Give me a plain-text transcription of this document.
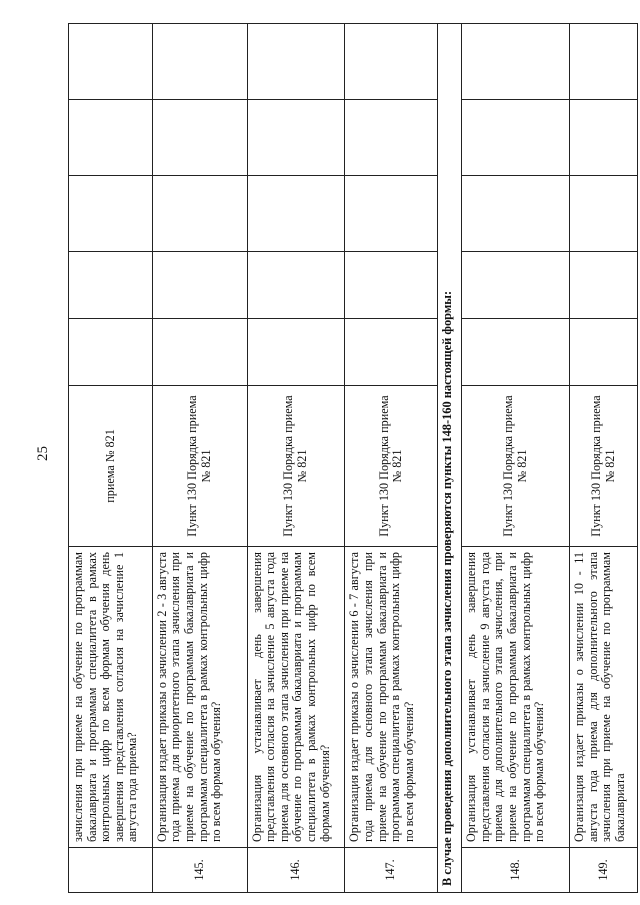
25
	зачисления при приеме на обучение по программам бакалавриата и программам специалитета в рамках контрольных цифр по всем формам обучения день завершения представления согласия на зачисление 1 августа года приема?	приема № 821					
145.	Организация издает приказы о зачислении 2 - 3 августа года приема для приоритетного этапа зачисления при приеме на обучение по программам бакалавриата и программам специалитета в рамках контрольных цифр по всем формам обучения?	Пункт 130 Порядка приема № 821					
146.	Организация устанавливает день завершения представления согласия на зачисление 5 августа года приема для основного этапа зачисления при приеме на обучение по программам бакалавриата и программам специалитета в рамках контрольных цифр по всем формам обучения?	Пункт 130 Порядка приема № 821					
147.	Организация издает приказы о зачислении 6 - 7 августа года приема для основного этапа зачисления при приеме на обучение по программам бакалавриата и программам специалитета в рамках контрольных цифр по всем формам обучения?	Пункт 130 Порядка приема № 821					
В случае проведения дополнительного этапа зачисления проверяются пункты 148-160 настоящей формы:							
148.	Организация устанавливает день завершения представления согласия на зачисление 9 августа года приема для дополнительного этапа зачисления, при приеме на обучение по программам бакалавриата и программам специалитета в рамках контрольных цифр по всем формам обучения?	Пункт 130 Порядка приема № 821					
149.	Организация издает приказы о зачислении 10 - 11 августа года приема для дополнительного этапа зачисления при приеме на обучение по программам бакалавриата	Пункт 130 Порядка приема № 821					
